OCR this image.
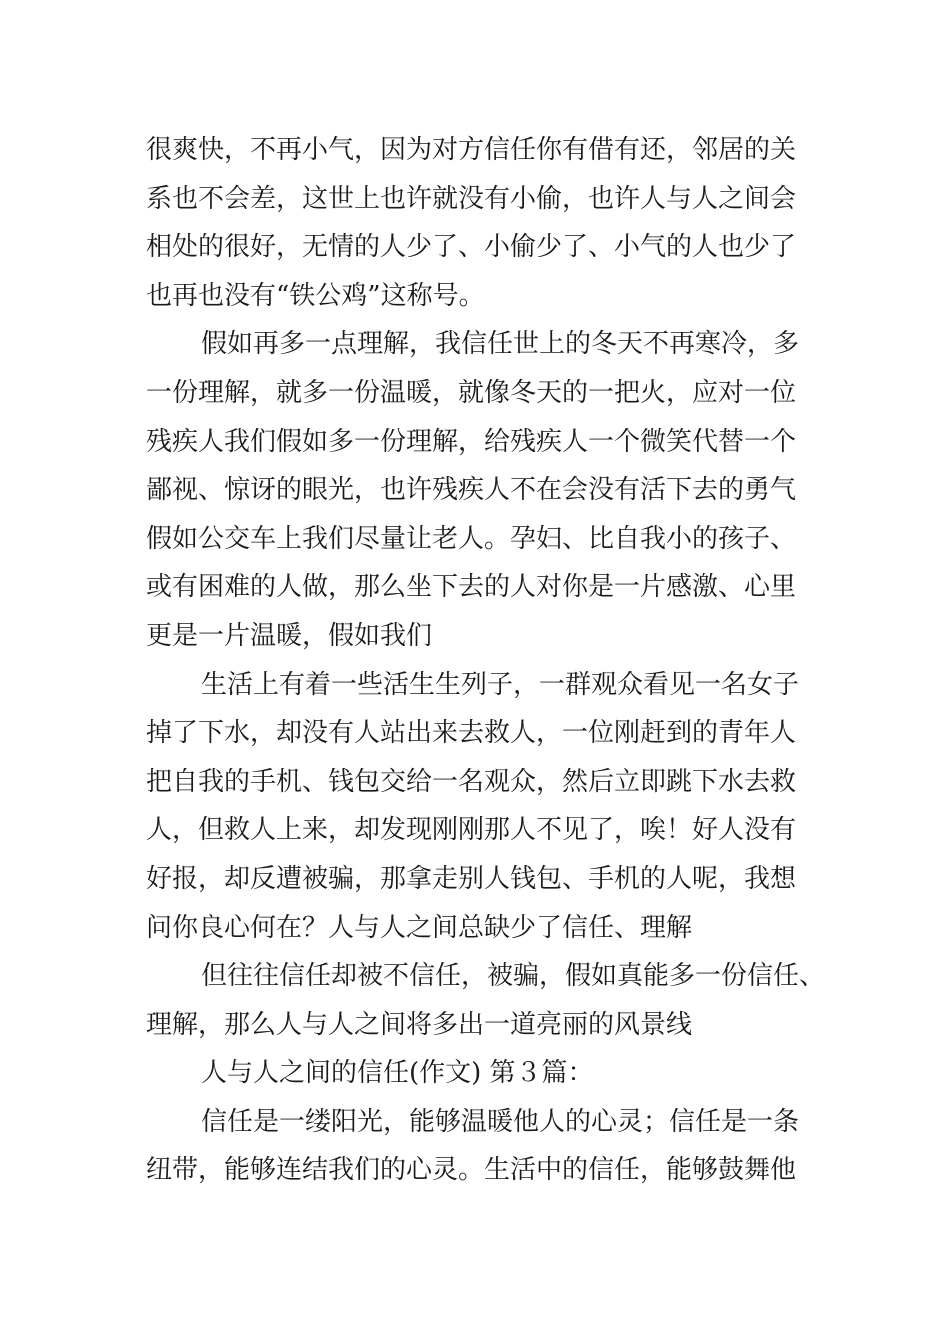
很爽快，不再小气，因为对方信任你有借有还，邻居的关
系也不会差，这世上也许就没有小偷，也许人与人之间会
相处的很好，无情的人少了、小偷少了、小气的人也少了
也再也没有“铁公鸡”这称号。
假如再多一点理解，我信任世上的冬天不再寒冷，多
一份理解，就多一份温暖，就像冬天的一把火，应对一位
残疾人我们假如多一份理解，给残疾人一个微笑代替一个
鄙视、惊讶的眼光，也许残疾人不在会没有活下去的勇气
假如公交车上我们尽量让老人。孕妇、比自我小的孩子、
或有困难的人做，那么坐下去的人对你是一片感激、心里
更是一片温暖，假如我们
生活上有着一些活生生列子，一群观众看见一名女子
掉了下水，却没有人站出来去救人，一位刚赶到的青年人
把自我的手机、钱包交给一名观众，然后立即跳下水去救
人，但救人上来，却发现刚刚那人不见了，唉！好人没有
好报，却反遭被骗，那拿走别人钱包、手机的人呢，我想
问你良心何在？人与人之间总缺少了信任、理解
但往往信任却被不信任，被骗，假如真能多一份信任、
理解，那么人与人之间将多出一道亮丽的风景线
人与人之间的信任(作文) 第３篇：
信任是一缕阳光，能够温暖他人的心灵；信任是一条
纽带，能够连结我们的心灵。生活中的信任，能够鼓舞他
